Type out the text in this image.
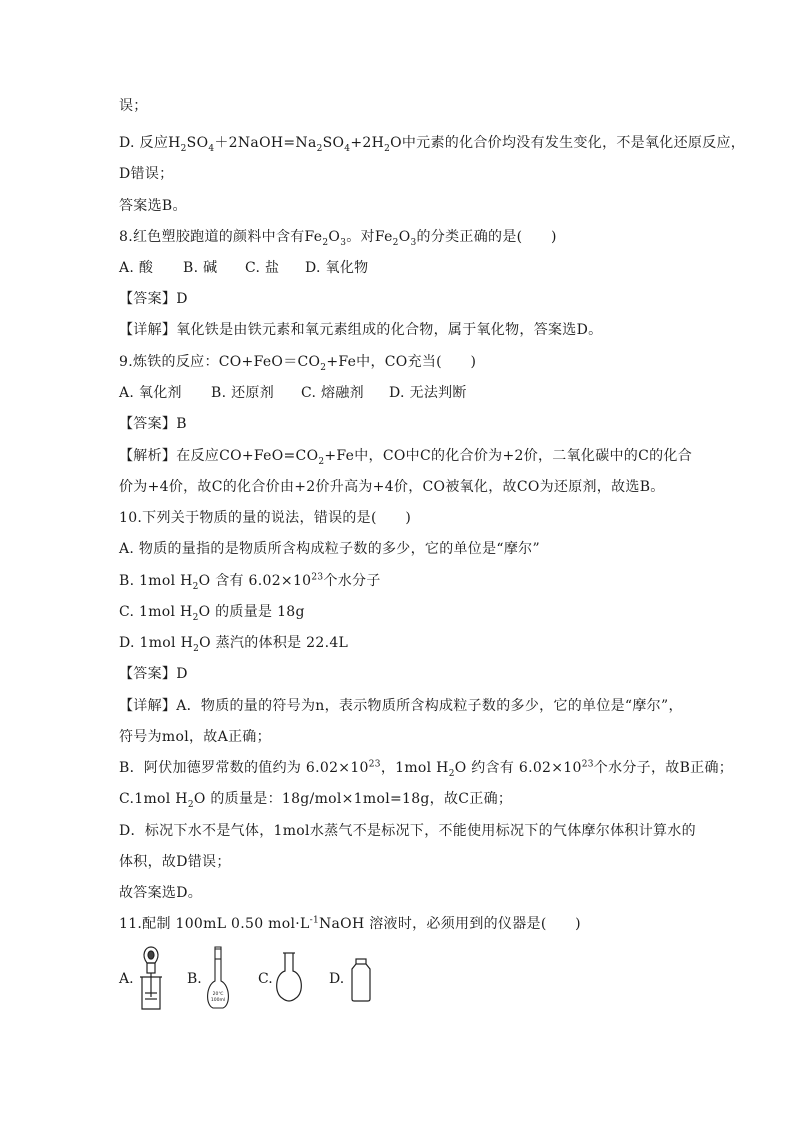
误；
D. 反应$H_2SO_4+2NaOH=Na_2SO_4+2H_2O$中元素的化合价均没有发生变化，不是氧化还原反应，
D错误；
答案选B。
8.红色塑胶跑道的颜料中含有$Fe_2O_3$。对$Fe_2O_3$的分类正确的是(　　)
A. 酸 B. 碱 C. 盐 D. 氧化物
【答案】D
【详解】氧化铁是由铁元素和氧元素组成的化合物，属于氧化物，答案选D。
9.炼铁的反应：$CO+FeO=CO_2+Fe$中，CO充当(　　)
A. 氧化剂 B. 还原剂 C. 熔融剂 D. 无法判断
【答案】B
【解析】在反应$CO+FeO=CO_2+Fe$中，CO中C的化合价为+2价，二氧化碳中的C的化合
价为+4价，故C的化合价由+2价升高为+4价，CO被氧化，故CO为还原剂，故选B。
10.下列关于物质的量的说法，错误的是(　　)
A. 物质的量指的是物质所含构成粒子数的多少，它的单位是“摩尔”
B. 1mol $H_2O$ 含有 $6.02\times 10^{23}$个水分子
C. 1mol $H_2O$ 的质量是 18g
D. 1mol $H_2O$ 蒸汽的体积是 22.4L
【答案】D
【详解】A．物质的量的符号为n，表示物质所含构成粒子数的多少，它的单位是“摩尔”，
符号为mol，故A正确；
B．阿伏加德罗常数的值约为 $6.02\times 10^{23}$，1mol $H_2O$ 约含有 $6.02\times 10^{23}$个水分子，故B正确；
C.1mol $H_2O$ 的质量是：18g/mol×1mol=18g，故C正确；
D．标况下水不是气体，1mol水蒸气不是标况下，不能使用标况下的气体摩尔体积计算水的
体积，故D错误；
故答案选D。
11.配制 100mL 0.50 $mol\cdot L^{-1}NaOH$ 溶液时，必须用到的仪器是(　　)
A.	B.
20℃
100ml
C.	D.
